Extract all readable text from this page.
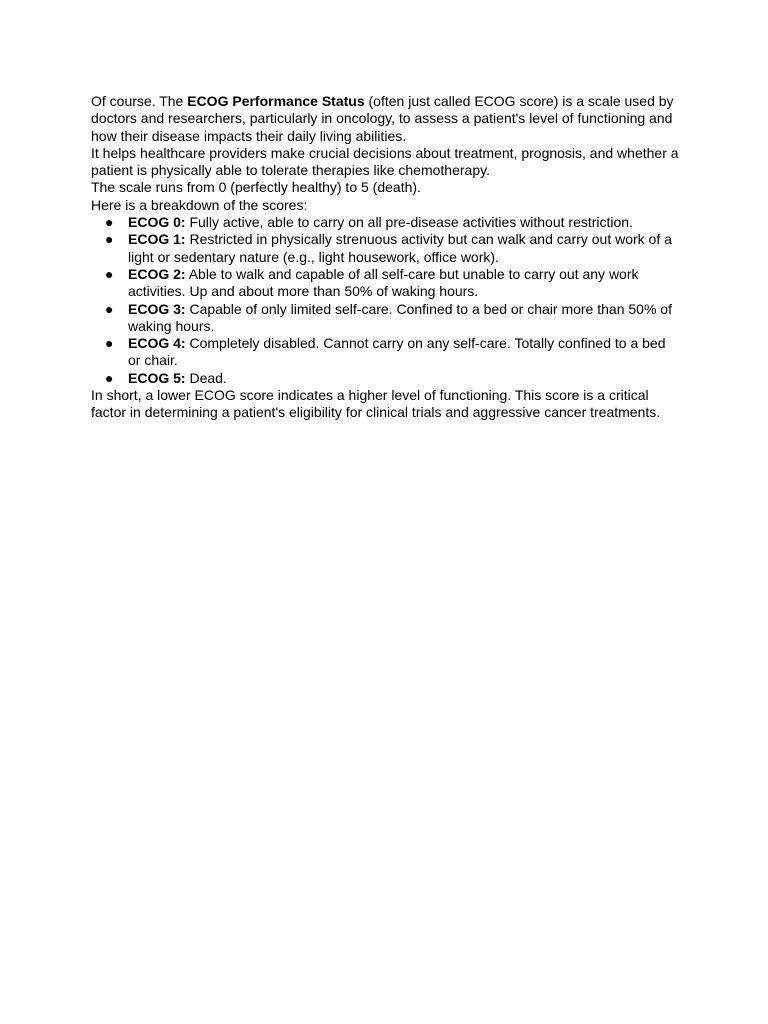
Of course. The ECOG Performance Status (often just called ECOG score) is a scale used by doctors and researchers, particularly in oncology, to assess a patient's level of functioning and how their disease impacts their daily living abilities.

It helps healthcare providers make crucial decisions about treatment, prognosis, and whether a patient is physically able to tolerate therapies like chemotherapy.

The scale runs from 0 (perfectly healthy) to 5 (death).

Here is a breakdown of the scores:

● ECOG 0: Fully active, able to carry on all pre-disease activities without restriction.
● ECOG 1: Restricted in physically strenuous activity but can walk and carry out work of a light or sedentary nature (e.g., light housework, office work).
● ECOG 2: Able to walk and capable of all self-care but unable to carry out any work activities. Up and about more than 50% of waking hours.
● ECOG 3: Capable of only limited self-care. Confined to a bed or chair more than 50% of waking hours.
● ECOG 4: Completely disabled. Cannot carry on any self-care. Totally confined to a bed or chair.
● ECOG 5: Dead.

In short, a lower ECOG score indicates a higher level of functioning. This score is a critical factor in determining a patient's eligibility for clinical trials and aggressive cancer treatments.
